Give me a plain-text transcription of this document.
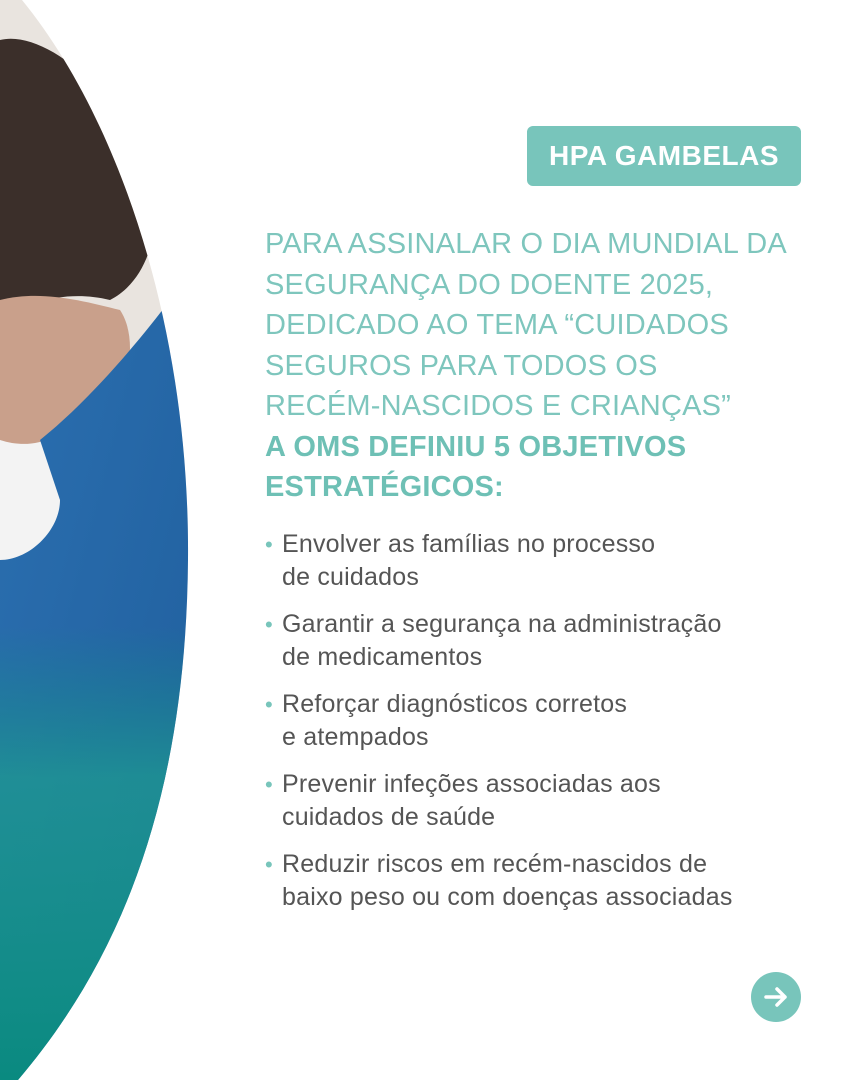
HPA GAMBELAS
PARA ASSINALAR O DIA MUNDIAL DA
SEGURANÇA DO DOENTE 2025,
DEDICADO AO TEMA “CUIDADOS
SEGUROS PARA TODOS OS
RECÉM-NASCIDOS E CRIANÇAS”
A OMS DEFINIU 5 OBJETIVOS
ESTRATÉGICOS:
• Envolver as famílias no processo
de cuidados
• Garantir a segurança na administração
de medicamentos
• Reforçar diagnósticos corretos
e atempados
• Prevenir infeções associadas aos
cuidados de saúde
• Reduzir riscos em recém-nascidos de
baixo peso ou com doenças associadas
